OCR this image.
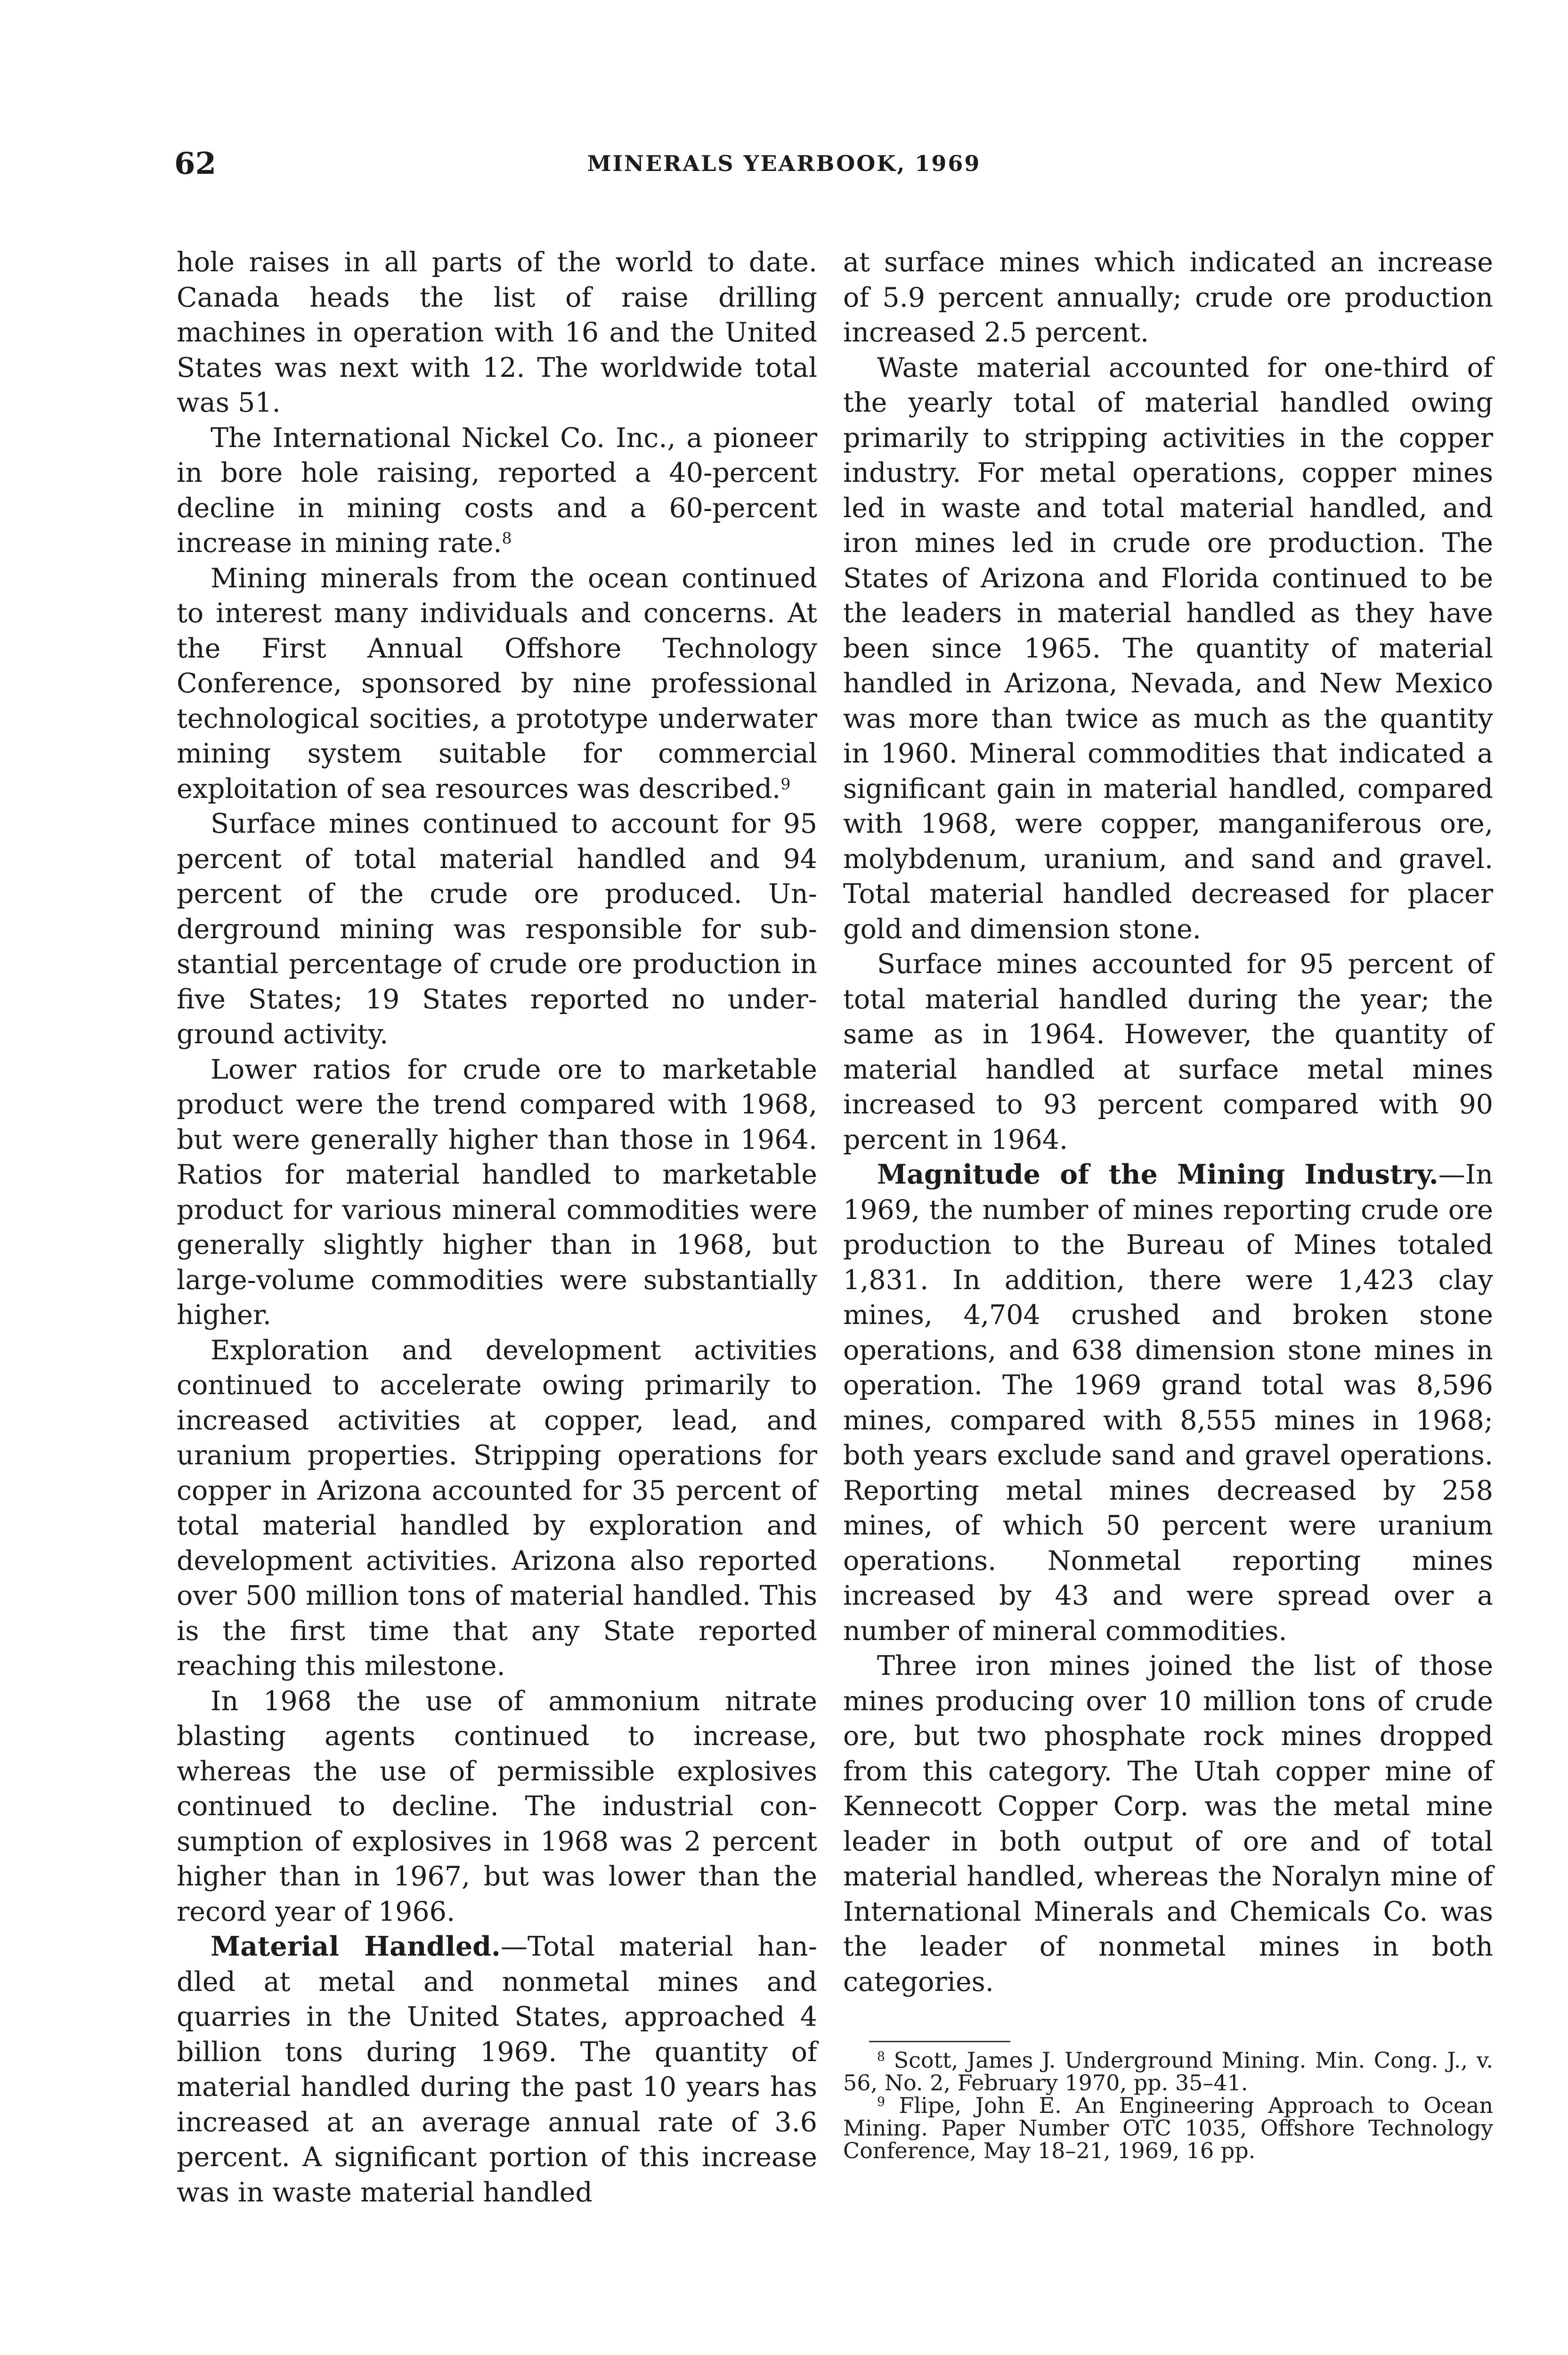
62	MINERALS YEARBOOK, 1969

hole raises in all parts of the world to date. Canada heads the list of raise drilling machines in operation with 16 and the United States was next with 12. The worldwide total was 51.

The International Nickel Co. Inc., a pioneer in bore hole raising, reported a 40-percent decline in mining costs and a 60-percent increase in mining rate.$^8$

Mining minerals from the ocean continued to interest many individuals and concerns. At the First Annual Offshore Technology Conference, sponsored by nine professional technological socities, a prototype underwater mining system suitable for commercial exploitation of sea resources was described.$^9$

Surface mines continued to account for 95 percent of total material handled and 94 percent of the crude ore produced. Underground mining was responsible for substantial percentage of crude ore production in five States; 19 States reported no underground activity.

Lower ratios for crude ore to marketable product were the trend compared with 1968, but were generally higher than those in 1964. Ratios for material handled to marketable product for various mineral commodities were generally slightly higher than in 1968, but large-volume commodities were substantially higher.

Exploration and development activities continued to accelerate owing primarily to increased activities at copper, lead, and uranium properties. Stripping operations for copper in Arizona accounted for 35 percent of total material handled by exploration and development activities. Arizona also reported over 500 million tons of material handled. This is the first time that any State reported reaching this milestone.

In 1968 the use of ammonium nitrate blasting agents continued to increase, whereas the use of permissible explosives continued to decline. The industrial consumption of explosives in 1968 was 2 percent higher than in 1967, but was lower than the record year of 1966.

Material Handled.—Total material handled at metal and nonmetal mines and quarries in the United States, approached 4 billion tons during 1969. The quantity of material handled during the past 10 years has increased at an average annual rate of 3.6 percent. A significant portion of this increase was in waste material handled

at surface mines which indicated an increase of 5.9 percent annually; crude ore production increased 2.5 percent.

Waste material accounted for one-third of the yearly total of material handled owing primarily to stripping activities in the copper industry. For metal operations, copper mines led in waste and total material handled, and iron mines led in crude ore production. The States of Arizona and Florida continued to be the leaders in material handled as they have been since 1965. The quantity of material handled in Arizona, Nevada, and New Mexico was more than twice as much as the quantity in 1960. Mineral commodities that indicated a significant gain in material handled, compared with 1968, were copper, manganiferous ore, molybdenum, uranium, and sand and gravel. Total material handled decreased for placer gold and dimension stone.

Surface mines accounted for 95 percent of total material handled during the year; the same as in 1964. However, the quantity of material handled at surface metal mines increased to 93 percent compared with 90 percent in 1964.

Magnitude of the Mining Industry.—In 1969, the number of mines reporting crude ore production to the Bureau of Mines totaled 1,831. In addition, there were 1,423 clay mines, 4,704 crushed and broken stone operations, and 638 dimension stone mines in operation. The 1969 grand total was 8,596 mines, compared with 8,555 mines in 1968; both years exclude sand and gravel operations. Reporting metal mines decreased by 258 mines, of which 50 percent were uranium operations. Nonmetal reporting mines increased by 43 and were spread over a number of mineral commodities.

Three iron mines joined the list of those mines producing over 10 million tons of crude ore, but two phosphate rock mines dropped from this category. The Utah copper mine of Kennecott Copper Corp. was the metal mine leader in both output of ore and of total material handled, whereas the Noralyn mine of International Minerals and Chemicals Co. was the leader of nonmetal mines in both categories.

$^8$ Scott, James J. Underground Mining. Min. Cong. J., v. 56, No. 2, February 1970, pp. 35–41.

$^9$ Flipe, John E. An Engineering Approach to Ocean Mining. Paper Number OTC 1035, Offshore Technology Conference, May 18–21, 1969, 16 pp.
